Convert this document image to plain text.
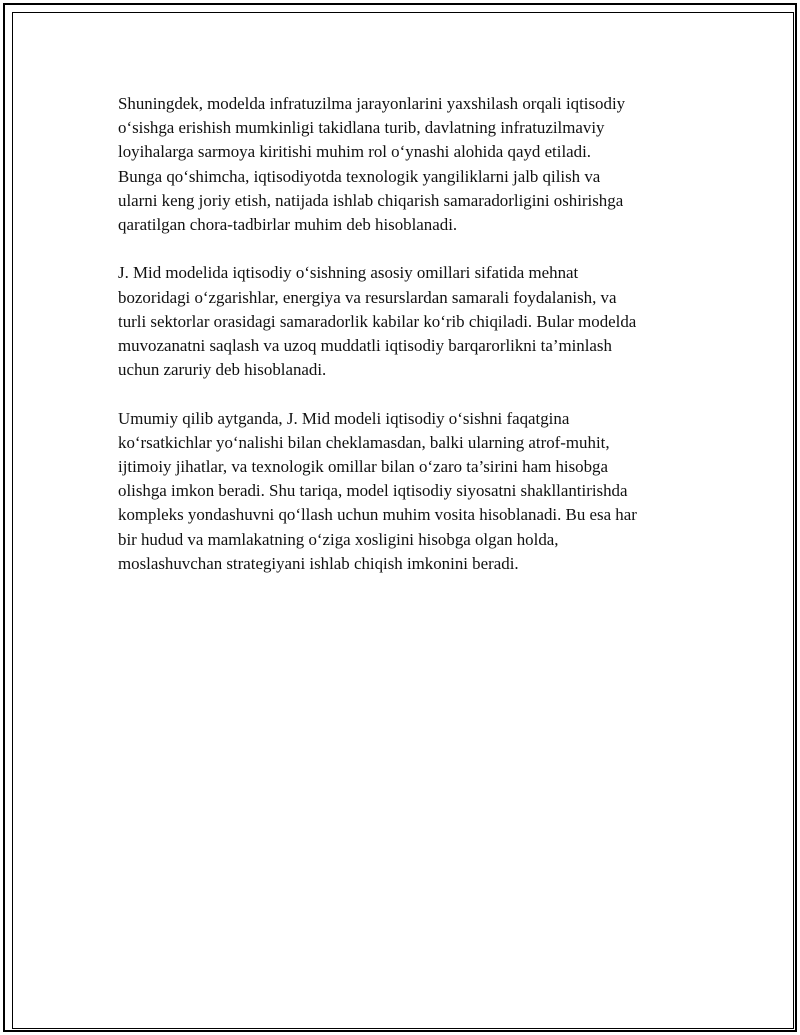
Shuningdek, modelda infratuzilma jarayonlarini yaxshilash orqali iqtisodiy
o‘sishga erishish mumkinligi takidlana turib, davlatning infratuzilmaviy
loyihalarga sarmoya kiritishi muhim rol o‘ynashi alohida qayd etiladi.
Bunga qo‘shimcha, iqtisodiyotda texnologik yangiliklarni jalb qilish va
ularni keng joriy etish, natijada ishlab chiqarish samaradorligini oshirishga
qaratilgan chora-tadbirlar muhim deb hisoblanadi.

J. Mid modelida iqtisodiy o‘sishning asosiy omillari sifatida mehnat
bozoridagi o‘zgarishlar, energiya va resurslardan samarali foydalanish, va
turli sektorlar orasidagi samaradorlik kabilar ko‘rib chiqiladi. Bular modelda
muvozanatni saqlash va uzoq muddatli iqtisodiy barqarorlikni ta’minlash
uchun zaruriy deb hisoblanadi.

Umumiy qilib aytganda, J. Mid modeli iqtisodiy o‘sishni faqatgina
ko‘rsatkichlar yo‘nalishi bilan cheklamasdan, balki ularning atrof-muhit,
ijtimoiy jihatlar, va texnologik omillar bilan o‘zaro ta’sirini ham hisobga
olishga imkon beradi. Shu tariqa, model iqtisodiy siyosatni shakllantirishda
kompleks yondashuvni qo‘llash uchun muhim vosita hisoblanadi. Bu esa har
bir hudud va mamlakatning o‘ziga xosligini hisobga olgan holda,
moslashuvchan strategiyani ishlab chiqish imkonini beradi.
